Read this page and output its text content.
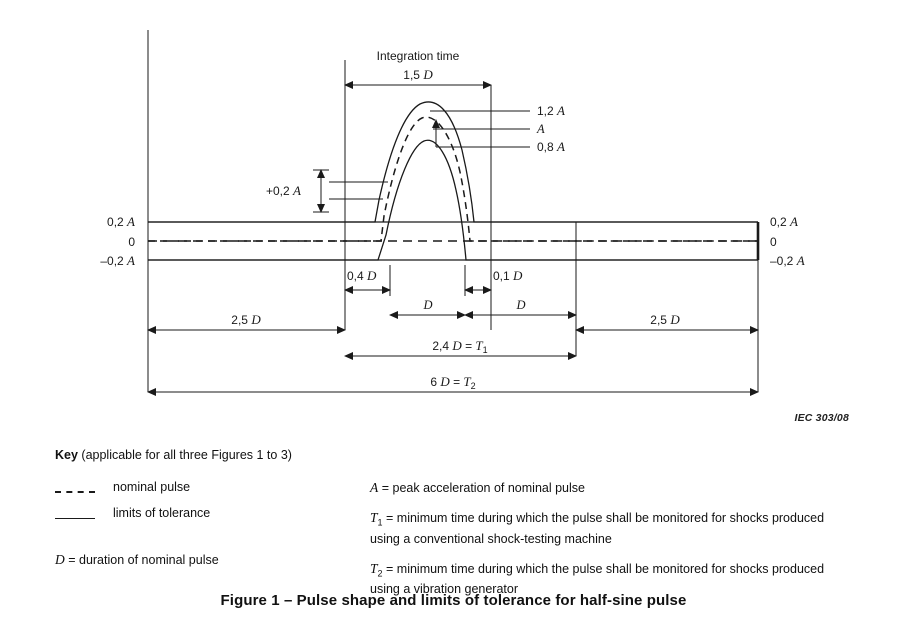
Integration time
1,5 D
1,2 A
A
0,8 A
+0,2 A
0,2 A
0
–0,2 A
0,2 A
0
–0,2 A
0,4 D	0,1 D
D	D
2,5 D	2,5 D
2,4 $D = T_1$
6 $D = T_2$
IEC 303/08
Key (applicable for all three Figures 1 to 3)
nominal pulse
limits of tolerance
D = duration of nominal pulse
A = peak acceleration of nominal pulse
$T_1$ = minimum time during which the pulse shall be monitored for shocks produced using a conventional shock-testing machine
$T_2$ = minimum time during which the pulse shall be monitored for shocks produced using a vibration generator
Figure 1 – Pulse shape and limits of tolerance for half-sine pulse
